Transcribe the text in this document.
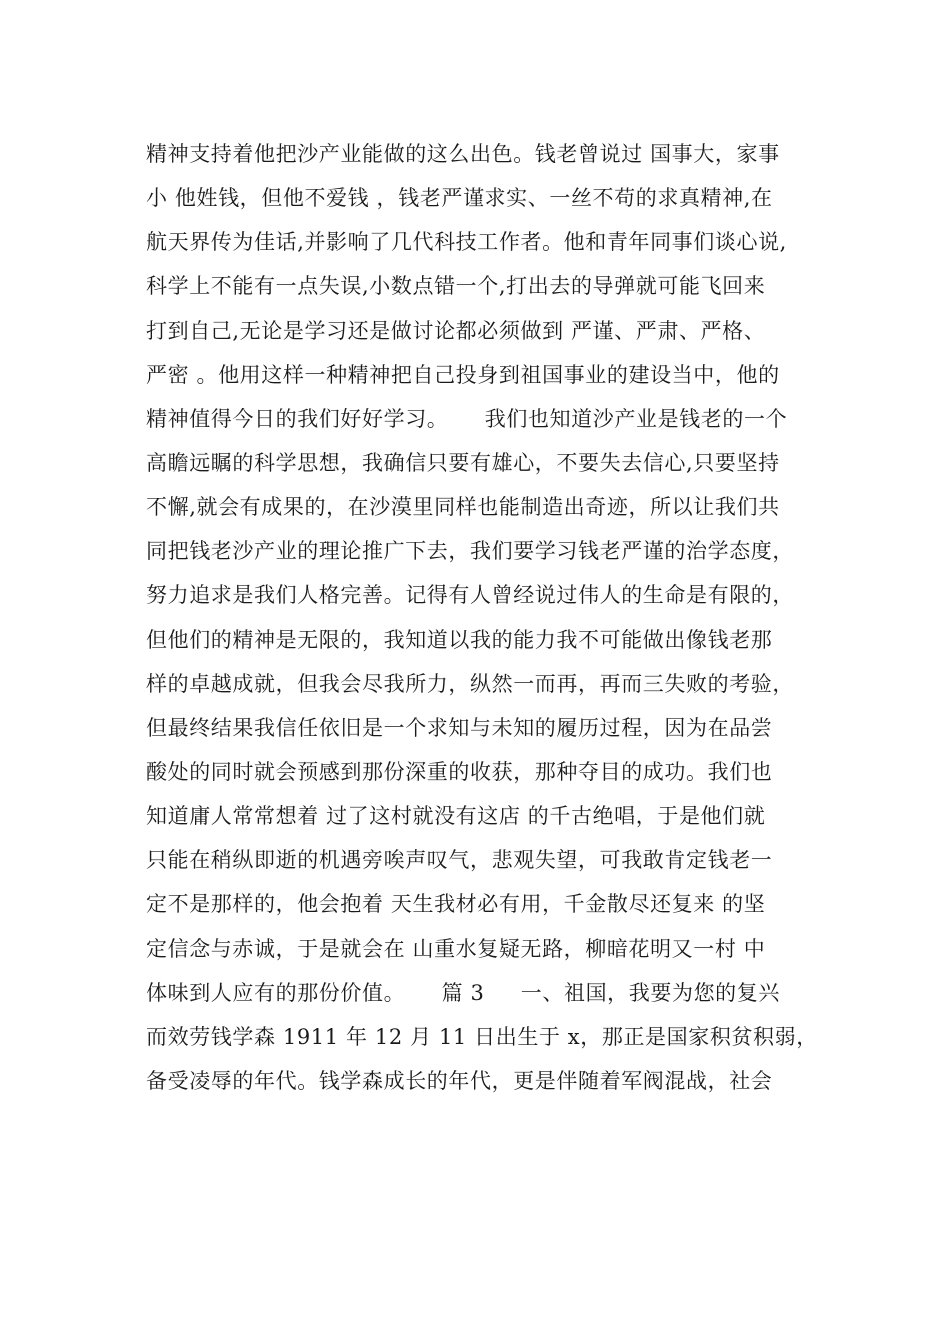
精神支持着他把沙产业能做的这么出色。钱老曾说过 国事大，家事
小 他姓钱，但他不爱钱 ，钱老严谨求实、一丝不苟的求真精神,在
航天界传为佳话,并影响了几代科技工作者。他和青年同事们谈心说,
科学上不能有一点失误,小数点错一个,打出去的导弹就可能飞回来
打到自己,无论是学习还是做讨论都必须做到 严谨、严肃、严格、
严密 。他用这样一种精神把自己投身到祖国事业的建设当中，他的
精神值得今日的我们好好学习。     我们也知道沙产业是钱老的一个
高瞻远瞩的科学思想，我确信只要有雄心，不要失去信心,只要坚持
不懈,就会有成果的，在沙漠里同样也能制造出奇迹，所以让我们共
同把钱老沙产业的理论推广下去，我们要学习钱老严谨的治学态度，
努力追求是我们人格完善。记得有人曾经说过伟人的生命是有限的，
但他们的精神是无限的，我知道以我的能力我不可能做出像钱老那
样的卓越成就，但我会尽我所力，纵然一而再，再而三失败的考验，
但最终结果我信任依旧是一个求知与未知的履历过程，因为在品尝
酸处的同时就会预感到那份深重的收获，那种夺目的成功。我们也
知道庸人常常想着 过了这村就没有这店 的千古绝唱，于是他们就
只能在稍纵即逝的机遇旁唉声叹气，悲观失望，可我敢肯定钱老一
定不是那样的，他会抱着 天生我材必有用，千金散尽还复来 的坚
定信念与赤诚，于是就会在 山重水复疑无路，柳暗花明又一村 中
体味到人应有的那份价值。     篇 3     一、祖国，我要为您的复兴
而效劳钱学森 1911 年 12 月 11 日出生于 x，那正是国家积贫积弱，
备受凌辱的年代。钱学森成长的年代，更是伴随着军阀混战，社会
